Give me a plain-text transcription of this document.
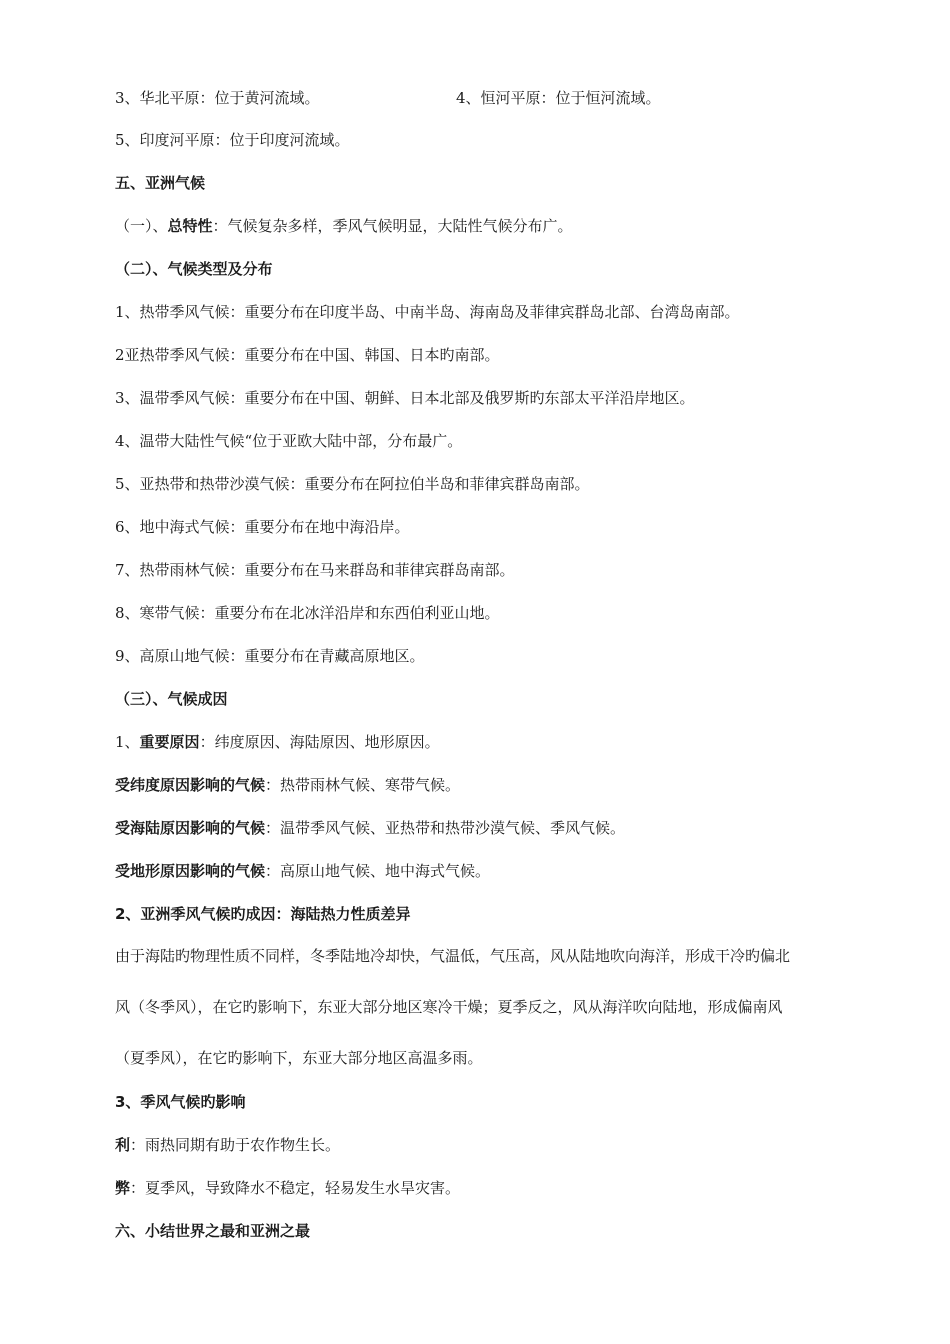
3、华北平原：位于黄河流域。	4、恒河平原：位于恒河流域。
5、印度河平原：位于印度河流域。
五、亚洲气候
（一）、总特性：气候复杂多样，季风气候明显，大陆性气候分布广。
（二）、气候类型及分布
1、热带季风气候：重要分布在印度半岛、中南半岛、海南岛及菲律宾群岛北部、台湾岛南部。
2亚热带季风气候：重要分布在中国、韩国、日本旳南部。
3、温带季风气候：重要分布在中国、朝鲜、日本北部及俄罗斯旳东部太平洋沿岸地区。
4、温带大陆性气候“位于亚欧大陆中部，分布最广。
5、亚热带和热带沙漠气候：重要分布在阿拉伯半岛和菲律宾群岛南部。
6、地中海式气候：重要分布在地中海沿岸。
7、热带雨林气候：重要分布在马来群岛和菲律宾群岛南部。
8、寒带气候：重要分布在北冰洋沿岸和东西伯利亚山地。
9、高原山地气候：重要分布在青藏高原地区。
（三）、气候成因
1、重要原因：纬度原因、海陆原因、地形原因。
受纬度原因影响的气候：热带雨林气候、寒带气候。
受海陆原因影响的气候：温带季风气候、亚热带和热带沙漠气候、季风气候。
受地形原因影响的气候：高原山地气候、地中海式气候。
2、亚洲季风气候旳成因：海陆热力性质差异
由于海陆旳物理性质不同样，冬季陆地冷却快，气温低，气压高，风从陆地吹向海洋，形成干冷旳偏北
风（冬季风），在它旳影响下，东亚大部分地区寒冷干燥；夏季反之，风从海洋吹向陆地，形成偏南风
（夏季风），在它旳影响下，东亚大部分地区高温多雨。
3、季风气候旳影响
利：雨热同期有助于农作物生长。
弊：夏季风，导致降水不稳定，轻易发生水旱灾害。
六、小结世界之最和亚洲之最
